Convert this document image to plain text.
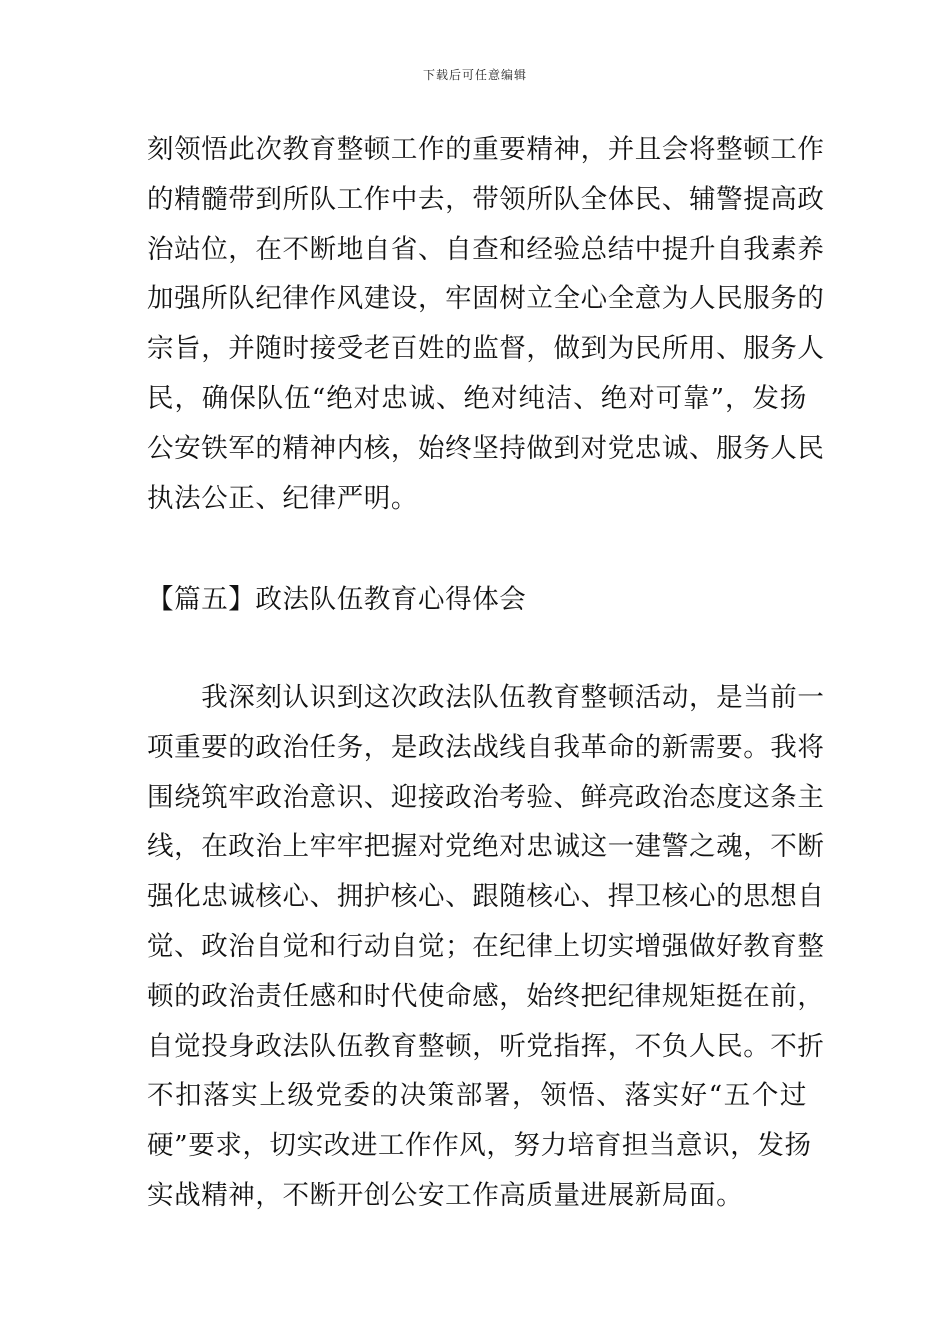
下载后可任意编辑
刻领悟此次教育整顿工作的重要精神，并且会将整顿工作
的精髓带到所队工作中去，带领所队全体民、辅警提高政
治站位，在不断地自省、自查和经验总结中提升自我素养
加强所队纪律作风建设，牢固树立全心全意为人民服务的
宗旨，并随时接受老百姓的监督，做到为民所用、服务人
民，确保队伍“绝对忠诚、绝对纯洁、绝对可靠”，发扬
公安铁军的精神内核，始终坚持做到对党忠诚、服务人民
执法公正、纪律严明。
【篇五】政法队伍教育心得体会
　　我深刻认识到这次政法队伍教育整顿活动，是当前一
项重要的政治任务，是政法战线自我革命的新需要。我将
围绕筑牢政治意识、迎接政治考验、鲜亮政治态度这条主
线，在政治上牢牢把握对党绝对忠诚这一建警之魂，不断
强化忠诚核心、拥护核心、跟随核心、捍卫核心的思想自
觉、政治自觉和行动自觉；在纪律上切实增强做好教育整
顿的政治责任感和时代使命感，始终把纪律规矩挺在前，
自觉投身政法队伍教育整顿，听党指挥，不负人民。不折
不扣落实上级党委的决策部署，领悟、落实好“五个过
硬”要求，切实改进工作作风，努力培育担当意识，发扬
实战精神，不断开创公安工作高质量进展新局面。
